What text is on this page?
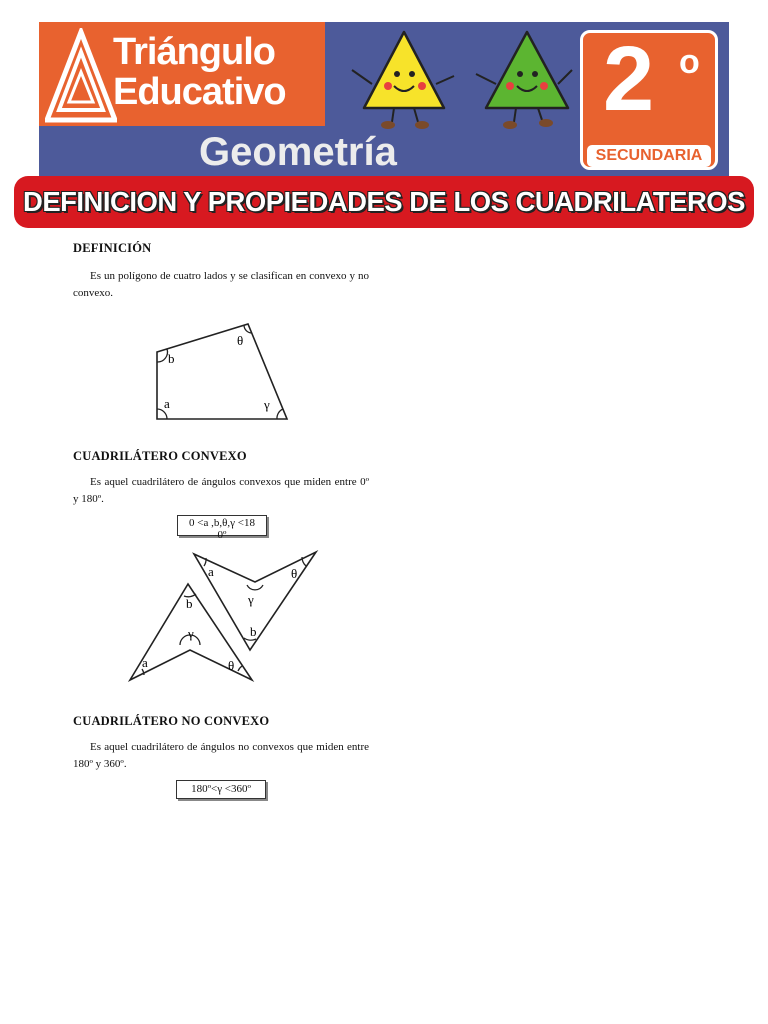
Triángulo
Educativo
Geometría
2 o
SECUNDARIA
DEFINICION Y PROPIEDADES DE LOS CUADRILATEROS
DEFINICIÓN
Es un polígono de cuatro lados y se clasifican en convexo y no convexo.
b
θ
a	γ
CUADRILÁTERO CONVEXO
Es aquel cuadrilátero de ángulos convexos que miden entre 0º y 180º.
0 <a ,b,θ,γ <18
0º
a
b
γ
θ
a
γ
θ
b
CUADRILÁTERO NO CONVEXO
Es aquel cuadrilátero de ángulos no convexos que miden entre 180º y 360º.
180º<γ <360º
